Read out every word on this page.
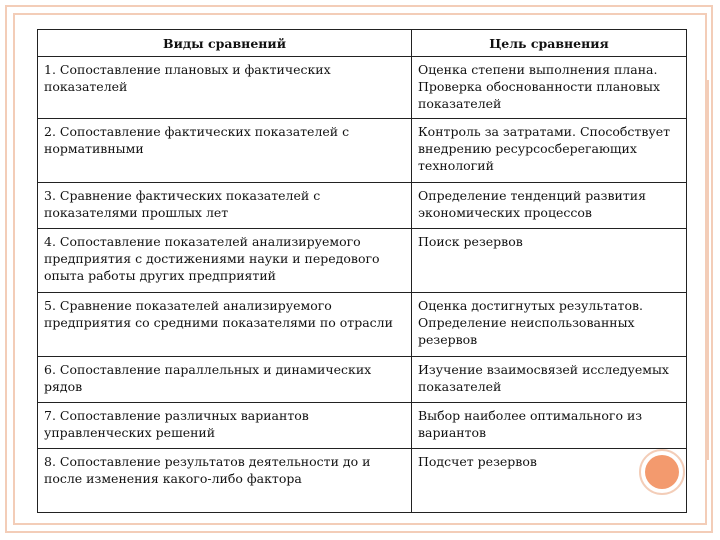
Виды сравнений	Цель сравнения
1. Сопоставление плановых и фактических показателей	Оценка степени выполнения плана. Проверка обоснованности плановых показателей
2. Сопоставление фактических показателей с нормативными	Контроль за затратами. Способствует внедрению ресурсосберегающих технологий
3. Сравнение фактических показателей с показателями прошлых лет	Определение тенденций развития экономических процессов
4. Сопоставление показателей анализируемого предприятия с достижениями науки и передового опыта работы других предприятий	Поиск резервов
5. Сравнение показателей анализируемого предприятия со средними показателями по отрасли	Оценка достигнутых результатов. Определение неиспользованных резервов
6. Сопоставление параллельных и динамических рядов	Изучение взаимосвязей исследуемых показателей
7. Сопоставление различных вариантов управленческих решений	Выбор наиболее оптимального из вариантов
8. Сопоставление результатов деятельности до и после изменения какого-либо фактора	Подсчет резервов
